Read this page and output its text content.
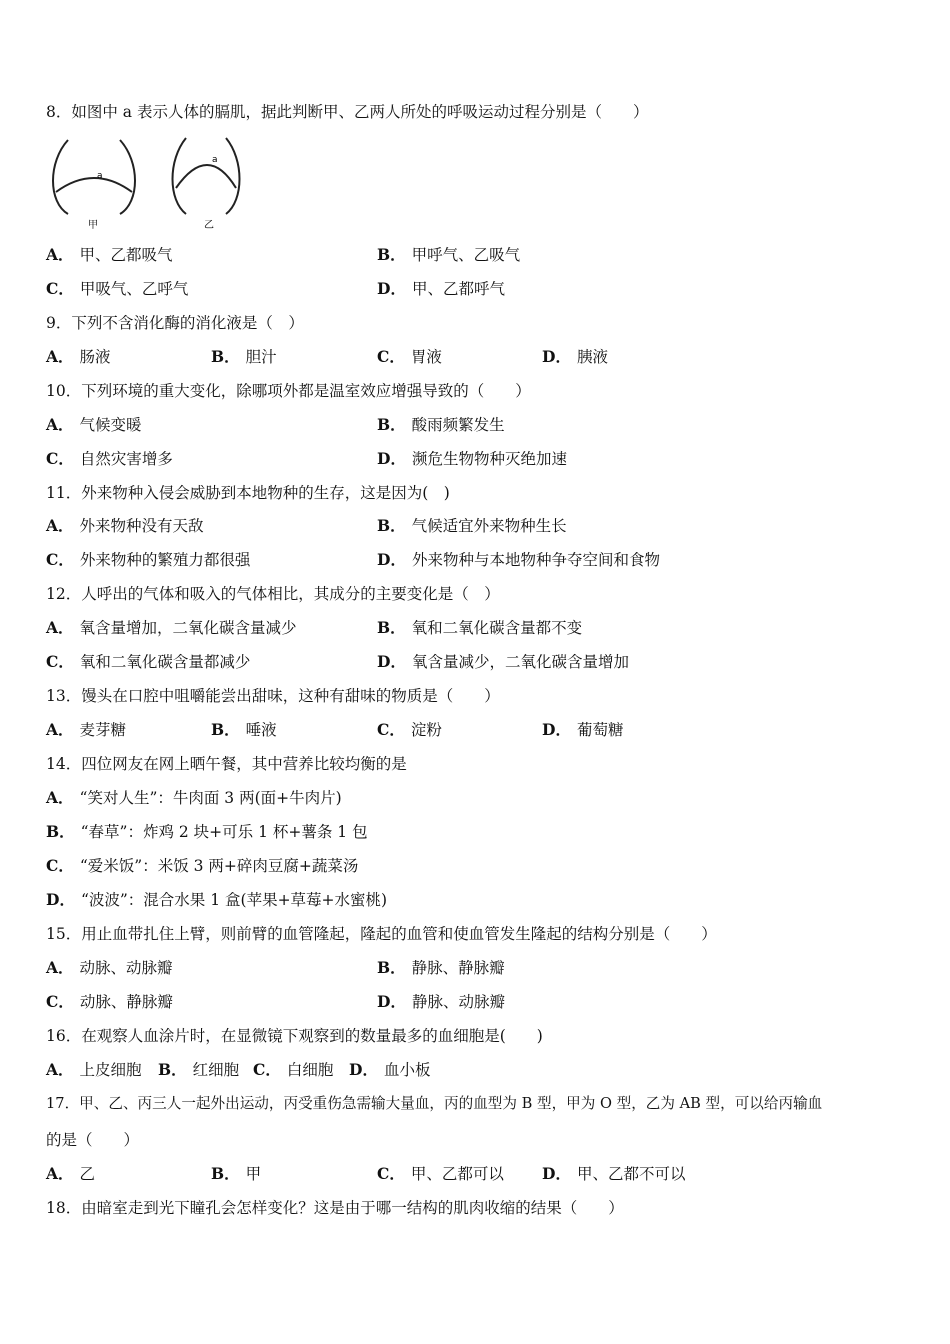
8．如图中 a 表示人体的膈肌，据此判断甲、乙两人所处的呼吸运动过程分别是（　　）
a
甲
a
乙
A． 甲、乙都吸气	B． 甲呼气、乙吸气
C． 甲吸气、乙呼气	D． 甲、乙都呼气
9．下列不含消化酶的消化液是（　）
A． 肠液	B． 胆汁	C． 胃液	D． 胰液
10．下列环境的重大变化，除哪项外都是温室效应增强导致的（　　）
A． 气候变暖	B． 酸雨频繁发生
C． 自然灾害增多	D． 濒危生物物种灭绝加速
11．外来物种入侵会威胁到本地物种的生存，这是因为(　)
A． 外来物种没有天敌	B． 气候适宜外来物种生长
C． 外来物种的繁殖力都很强	D． 外来物种与本地物种争夺空间和食物
12．人呼出的气体和吸入的气体相比，其成分的主要变化是（　）
A． 氧含量增加，二氧化碳含量减少	B． 氧和二氧化碳含量都不变
C． 氧和二氧化碳含量都减少	D． 氧含量减少，二氧化碳含量增加
13．馒头在口腔中咀嚼能尝出甜味，这种有甜味的物质是（　　）
A． 麦芽糖	B． 唾液	C． 淀粉	D． 葡萄糖
14．四位网友在网上晒午餐，其中营养比较均衡的是
A． “笑对人生”：牛肉面 3 两(面+牛肉片)
B． “春草”：炸鸡 2 块+可乐 1 杯+薯条 1 包
C． “爱米饭”：米饭 3 两+碎肉豆腐+蔬菜汤
D． “波波”：混合水果 1 盒(苹果+草莓+水蜜桃)
15．用止血带扎住上臂，则前臂的血管隆起，隆起的血管和使血管发生隆起的结构分别是（　　）
A． 动脉、动脉瓣	B． 静脉、静脉瓣
C． 动脉、静脉瓣	D． 静脉、动脉瓣
16．在观察人血涂片时，在显微镜下观察到的数量最多的血细胞是(　　)
A． 上皮细胞 B． 红细胞 C． 白细胞 D． 血小板
17．甲、乙、丙三人一起外出运动，丙受重伤急需输大量血，丙的血型为 B 型，甲为 O 型，乙为 AB 型，可以给丙输血
的是（　　）
A． 乙	B． 甲	C． 甲、乙都可以 D． 甲、乙都不可以
18．由暗室走到光下瞳孔会怎样变化？这是由于哪一结构的肌肉收缩的结果（　　）
